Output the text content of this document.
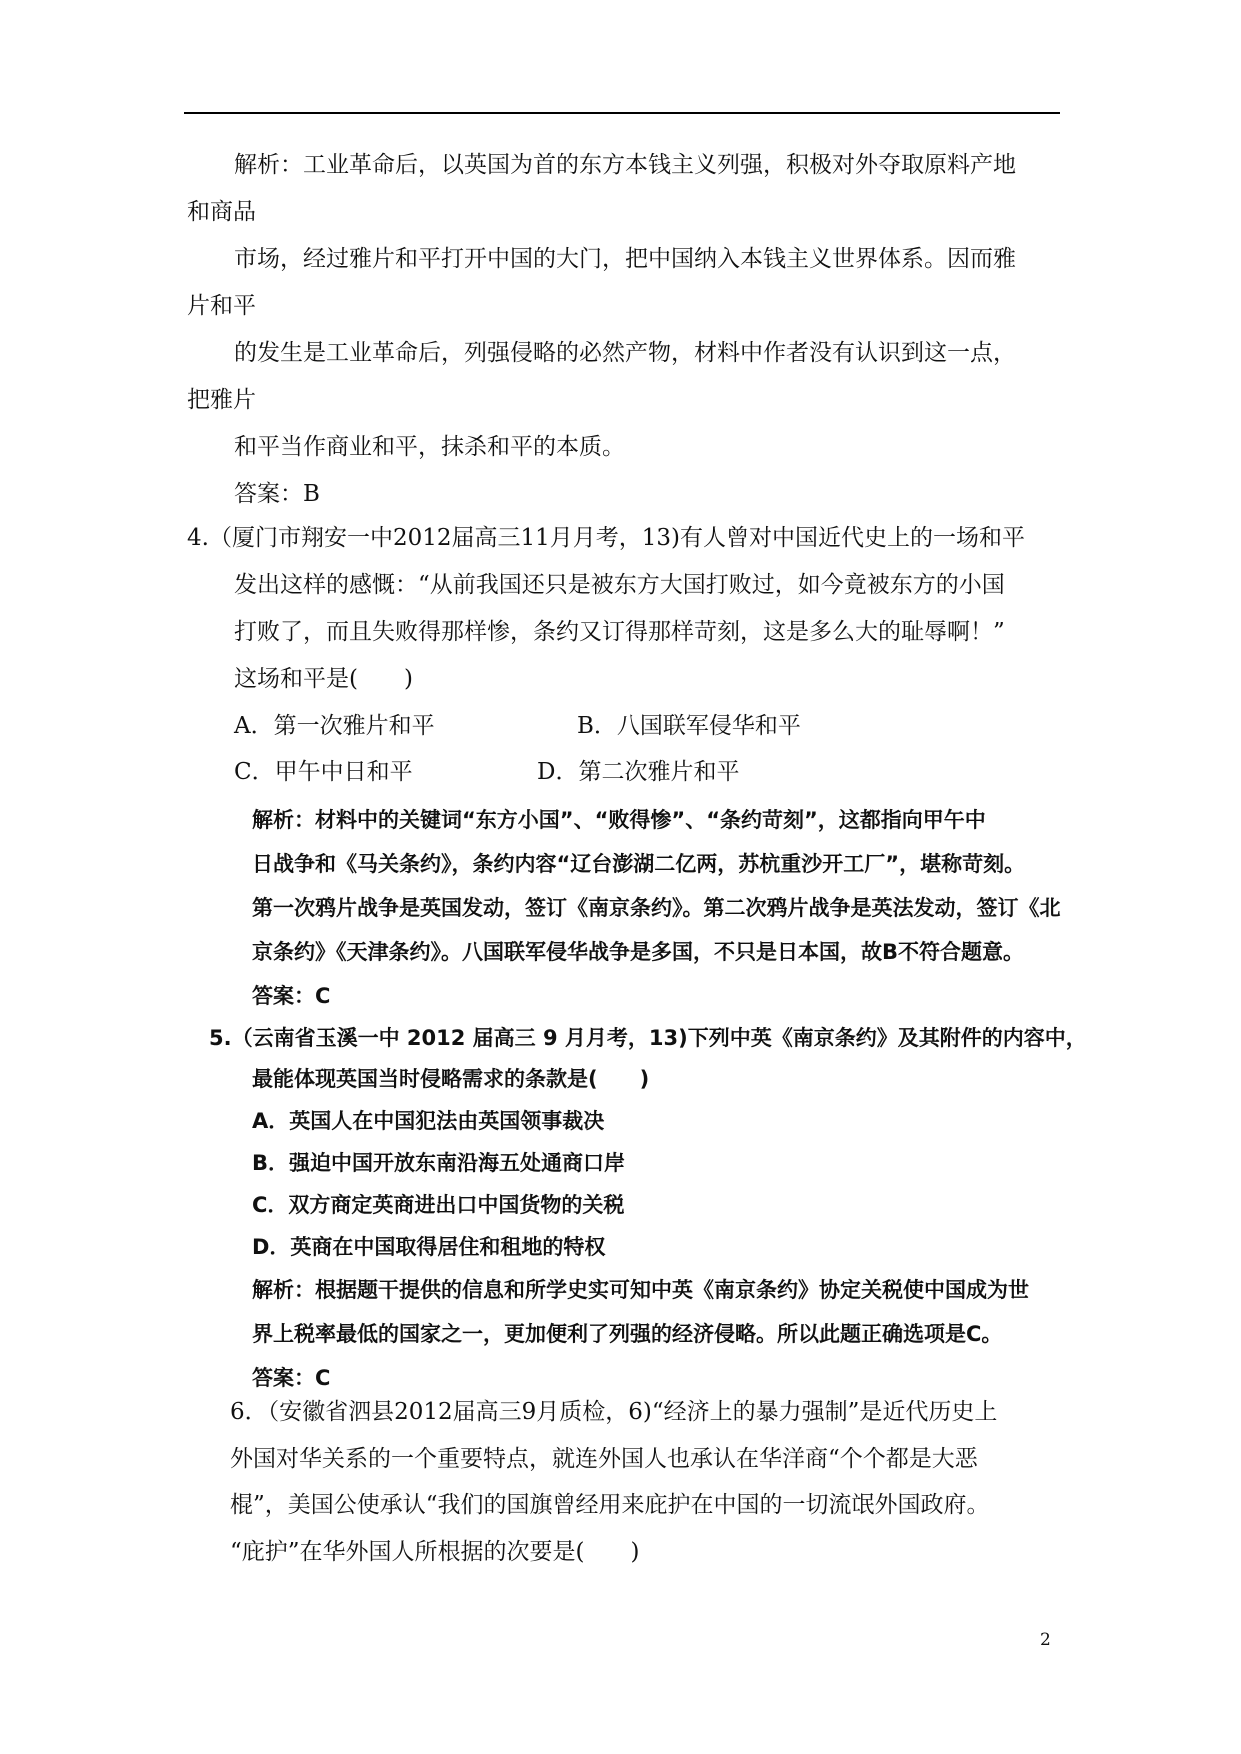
解析：工业革命后，以英国为首的东方本钱主义列强，积极对外夺取原料产地
和商品
市场，经过雅片和平打开中国的大门，把中国纳入本钱主义世界体系。因而雅
片和平
的发生是工业革命后，列强侵略的必然产物，材料中作者没有认识到这一点，
把雅片
和平当作商业和平，抹杀和平的本质。
答案：B
4.（厦门市翔安一中2012届高三11月月考，13)有人曾对中国近代史上的一场和平
发出这样的感慨：“从前我国还只是被东方大国打败过，如今竟被东方的小国
打败了，而且失败得那样惨，条约又订得那样苛刻，这是多么大的耻辱啊！”
这场和平是(　　)
A．第一次雅片和平	B．八国联军侵华和平
C．甲午中日和平	D．第二次雅片和平
解析：材料中的关键词“东方小国”、“败得惨”、“条约苛刻”，这都指向甲午中
日战争和《马关条约》，条约内容“辽台澎湖二亿两，苏杭重沙开工厂”，堪称苛刻。
第一次鸦片战争是英国发动，签订《南京条约》。第二次鸦片战争是英法发动，签订《北
京条约》《天津条约》。八国联军侵华战争是多国，不只是日本国，故B不符合题意。
答案：C
5.（云南省玉溪一中 2012 届高三 9 月月考，13)下列中英《南京条约》及其附件的内容中，
最能体现英国当时侵略需求的条款是(　　)
A．英国人在中国犯法由英国领事裁决
B．强迫中国开放东南沿海五处通商口岸
C．双方商定英商进出口中国货物的关税
D．英商在中国取得居住和租地的特权
解析：根据题干提供的信息和所学史实可知中英《南京条约》协定关税使中国成为世
界上税率最低的国家之一，更加便利了列强的经济侵略。所以此题正确选项是C。
答案：C
6．（安徽省泗县2012届高三9月质检，6)“经济上的暴力强制”是近代历史上
外国对华关系的一个重要特点，就连外国人也承认在华洋商“个个都是大恶
棍”，美国公使承认“我们的国旗曾经用来庇护在中国的一切流氓外国政府。
“庇护”在华外国人所根据的次要是(　　)
2
